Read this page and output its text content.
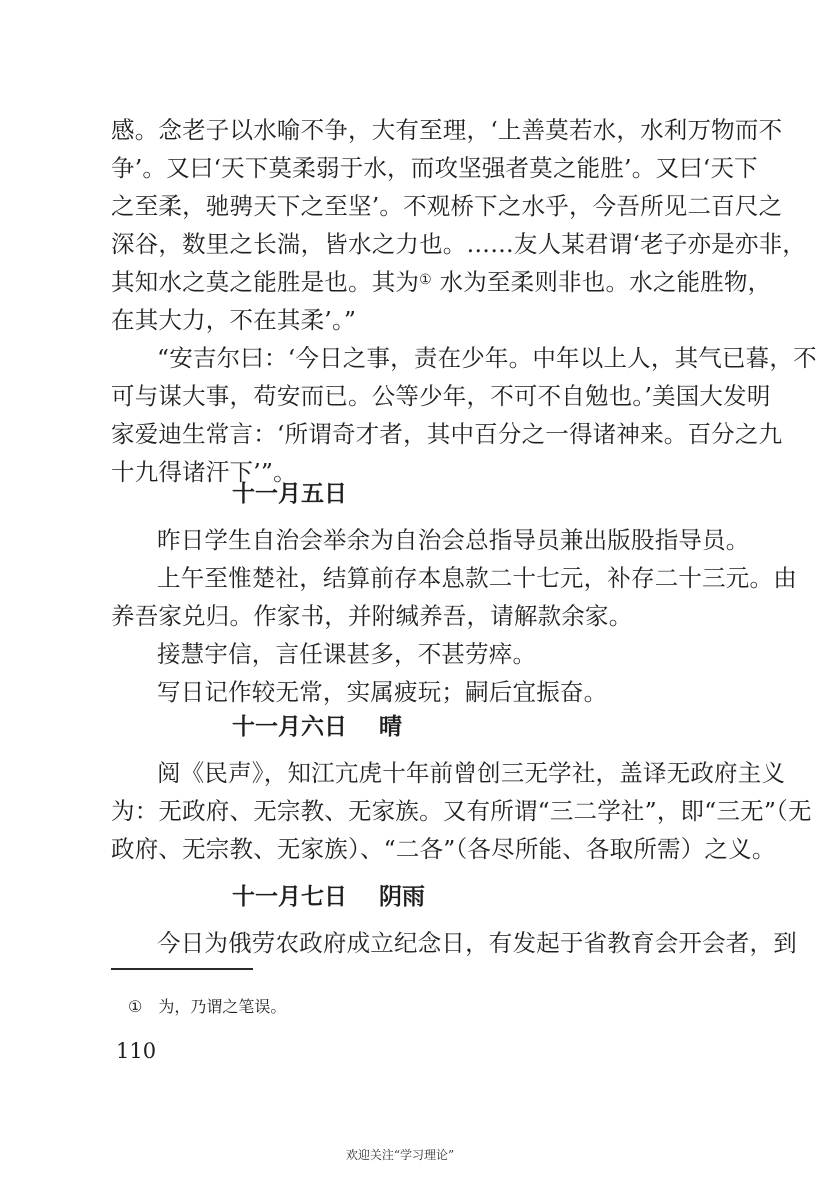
感。念老子以水喻不争，大有至理，‘上善莫若水，水利万物而不
争’。又曰‘天下莫柔弱于水，而攻坚强者莫之能胜’。又曰‘天下
之至柔，驰骋天下之至坚’。不观桥下之水乎，今吾所见二百尺之
深谷，数里之长湍，皆水之力也。……友人某君谓‘老子亦是亦非，
其知水之莫之能胜是也。其为① 水为至柔则非也。水之能胜物，
在其大力，不在其柔’。”
“安吉尔曰：‘今日之事，责在少年。中年以上人，其气已暮，不
可与谋大事，苟安而已。公等少年，不可不自勉也。’美国大发明
家爱迪生常言：‘所谓奇才者，其中百分之一得诸神来。百分之九
十九得诸汗下’”。
十一月五日
昨日学生自治会举余为自治会总指导员兼出版股指导员。
上午至惟楚社，结算前存本息款二十七元，补存二十三元。由
养吾家兑归。作家书，并附缄养吾，请解款余家。
接慧宇信，言任课甚多，不甚劳瘁。
写日记作较无常，实属疲玩；嗣后宜振奋。
十一月六日 晴
阅《民声》，知江亢虎十年前曾创三无学社，盖译无政府主义
为：无政府、无宗教、无家族。又有所谓“三二学社”，即“三无”（无
政府、无宗教、无家族）、“二各”（各尽所能、各取所需）之义。
十一月七日 阴雨
今日为俄劳农政府成立纪念日，有发起于省教育会开会者，到
① 为，乃谓之笔误。
110
欢迎关注“学习理论”
